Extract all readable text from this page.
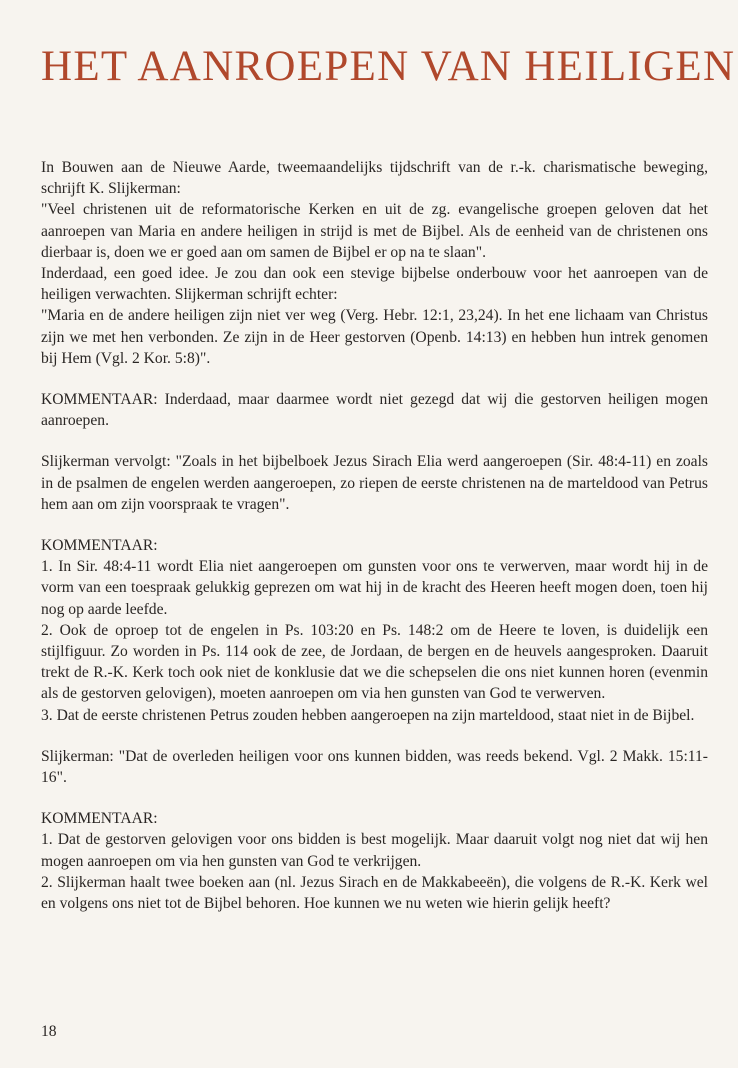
HET AANROEPEN VAN HEILIGEN

In Bouwen aan de Nieuwe Aarde, tweemaandelijks tijdschrift van de r.-k. charismatische beweging, schrijft K. Slijkerman:

"Veel christenen uit de reformatorische Kerken en uit de zg. evangelische groepen geloven dat het aanroepen van Maria en andere heiligen in strijd is met de Bijbel. Als de eenheid van de christenen ons dierbaar is, doen we er goed aan om samen de Bijbel er op na te slaan".

Inderdaad, een goed idee. Je zou dan ook een stevige bijbelse onderbouw voor het aanroepen van de heiligen verwachten. Slijkerman schrijft echter:

"Maria en de andere heiligen zijn niet ver weg (Verg. Hebr. 12:1, 23,24). In het ene lichaam van Christus zijn we met hen verbonden. Ze zijn in de Heer gestorven (Openb. 14:13) en hebben hun intrek genomen bij Hem (Vgl. 2 Kor. 5:8)".

KOMMENTAAR: Inderdaad, maar daarmee wordt niet gezegd dat wij die gestorven heiligen mogen aanroepen.

Slijkerman vervolgt: "Zoals in het bijbelboek Jezus Sirach Elia werd aangeroepen (Sir. 48:4-11) en zoals in de psalmen de engelen werden aangeroepen, zo riepen de eerste christenen na de marteldood van Petrus hem aan om zijn voorspraak te vragen".

KOMMENTAAR:

1. In Sir. 48:4-11 wordt Elia niet aangeroepen om gunsten voor ons te verwerven, maar wordt hij in de vorm van een toespraak gelukkig geprezen om wat hij in de kracht des Heeren heeft mogen doen, toen hij nog op aarde leefde.

2. Ook de oproep tot de engelen in Ps. 103:20 en Ps. 148:2 om de Heere te loven, is duidelijk een stijlfiguur. Zo worden in Ps. 114 ook de zee, de Jordaan, de bergen en de heuvels aangesproken. Daaruit trekt de R.-K. Kerk toch ook niet de konklusie dat we die schepselen die ons niet kunnen horen (evenmin als de gestorven gelovigen), moeten aanroepen om via hen gunsten van God te verwerven.

3. Dat de eerste christenen Petrus zouden hebben aangeroepen na zijn marteldood, staat niet in de Bijbel.

Slijkerman: "Dat de overleden heiligen voor ons kunnen bidden, was reeds bekend. Vgl. 2 Makk. 15:11-16".

KOMMENTAAR:

1. Dat de gestorven gelovigen voor ons bidden is best mogelijk. Maar daaruit volgt nog niet dat wij hen mogen aanroepen om via hen gunsten van God te verkrijgen.

2. Slijkerman haalt twee boeken aan (nl. Jezus Sirach en de Makkabeeën), die volgens de R.-K. Kerk wel en volgens ons niet tot de Bijbel behoren. Hoe kunnen we nu weten wie hierin gelijk heeft?

18
